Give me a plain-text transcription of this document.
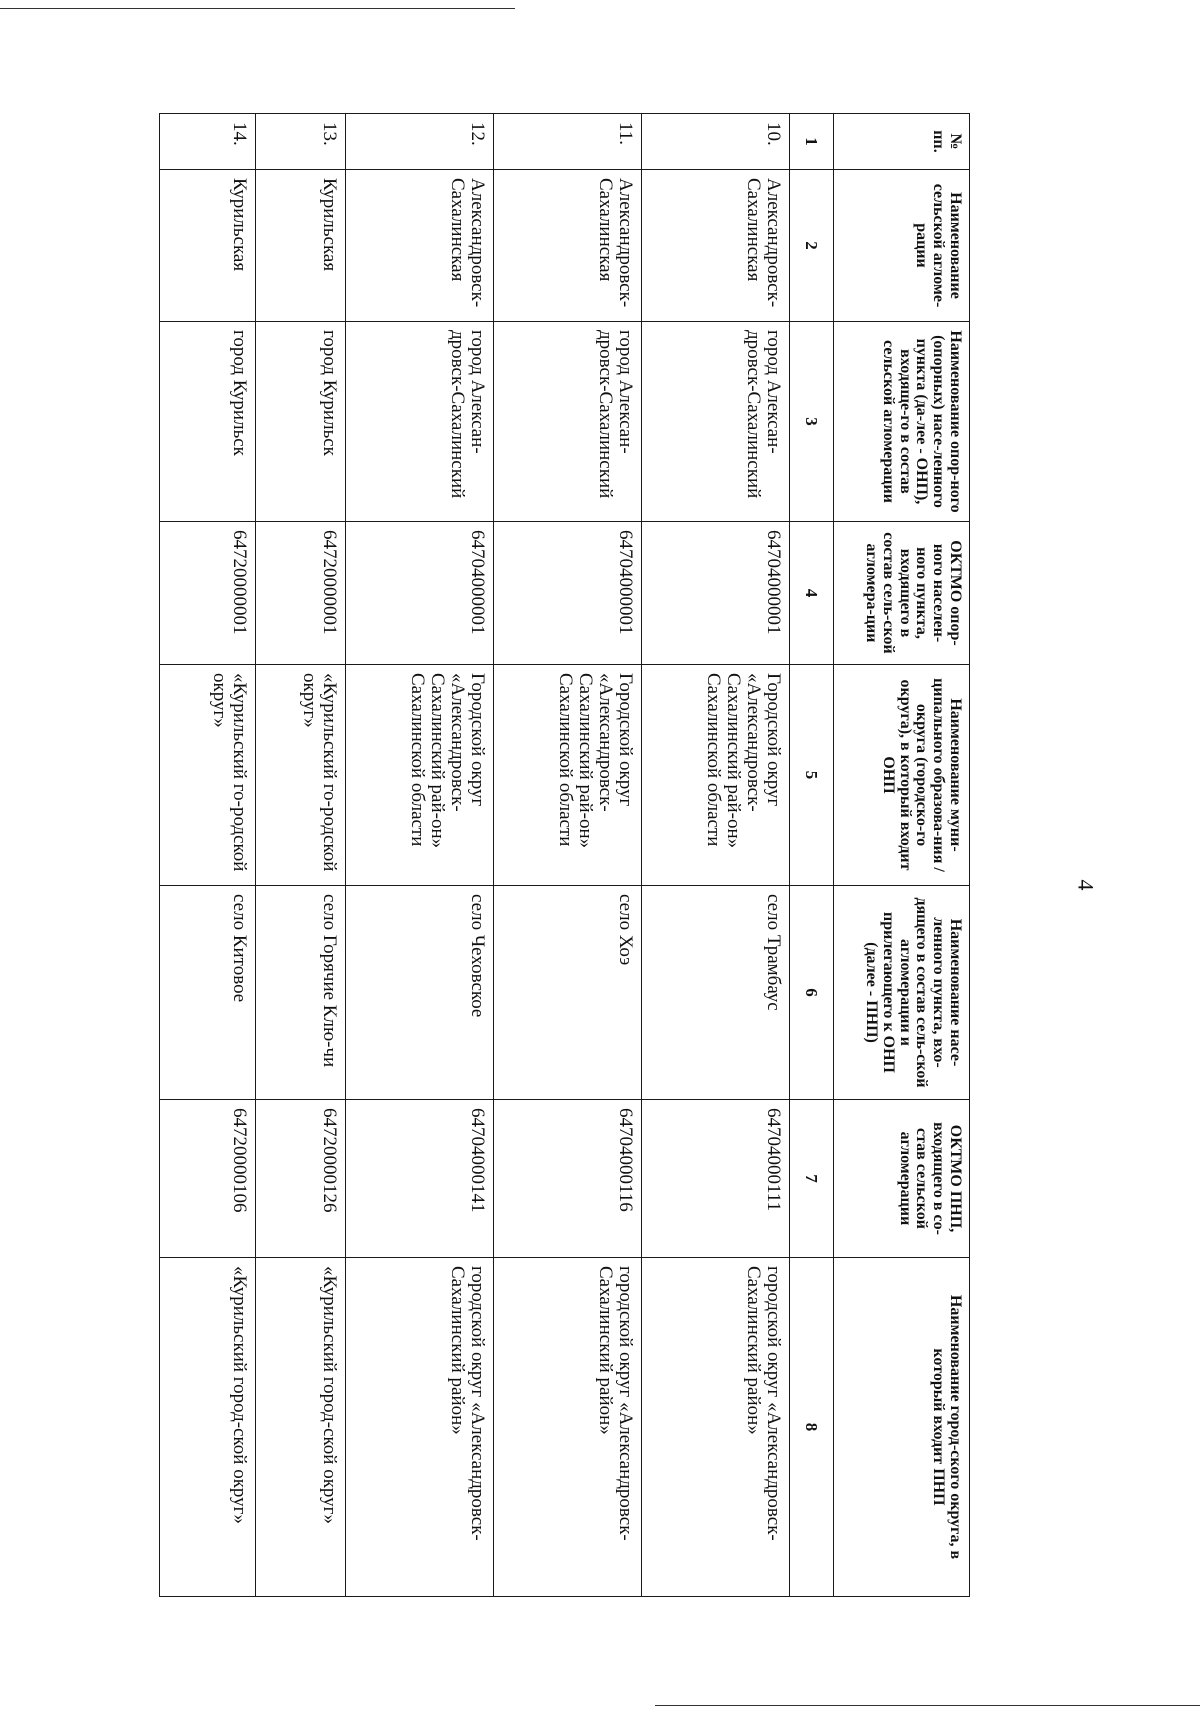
4
№ пп.	Наименование сельской агломе-рации	Наименование опор-ного (опорных) насе-ленного пункта (да-лее - ОНП), входяще-го в состав сельской агломерации	ОКТМО опор-ного населен-ного пункта, входящего в состав сель-ской агломера-ции	Наименование муни-ципального образова-ния /округа (городско-го округа), в который входит ОНП	Наименование насе-ленного пункта, вхо-дящего в состав сель-ской агломерации и прилегающего к ОНП (далее - ПНП)	ОКТМО ПНП, входящего в со-став сельской агломерации	Наименование город-ского округа, в который входит ПНП
1	2	3	4	5	6	7	8
10.	Александровск-Сахалинская	город Алексан-дровск-Сахалинский	64704000001	Городской округ «Александровск-Сахалинский рай-он» Сахалинской области	село Трамбаус	64704000111	городской округ «Александровск-Сахалинский район»
11.	Александровск-Сахалинская	город Алексан-дровск-Сахалинский	64704000001	Городской округ «Александровск-Сахалинский рай-он» Сахалинской области	село Хоэ	64704000116	городской округ «Александровск-Сахалинский район»
12.	Александровск-Сахалинская	город Алексан-дровск-Сахалинский	64704000001	Городской округ «Александровск-Сахалинский рай-он» Сахалинской области	село Чеховское	64704000141	городской округ «Александровск-Сахалинский район»
13.	Курильская	город Курильск	64720000001	«Курильский го-родской округ»	село Горячие Клю-чи	64720000126	«Курильский город-ской округ»
14.	Курильская	город Курильск	64720000001	«Курильский го-родской округ»	село Китовое	64720000106	«Курильский город-ской округ»
